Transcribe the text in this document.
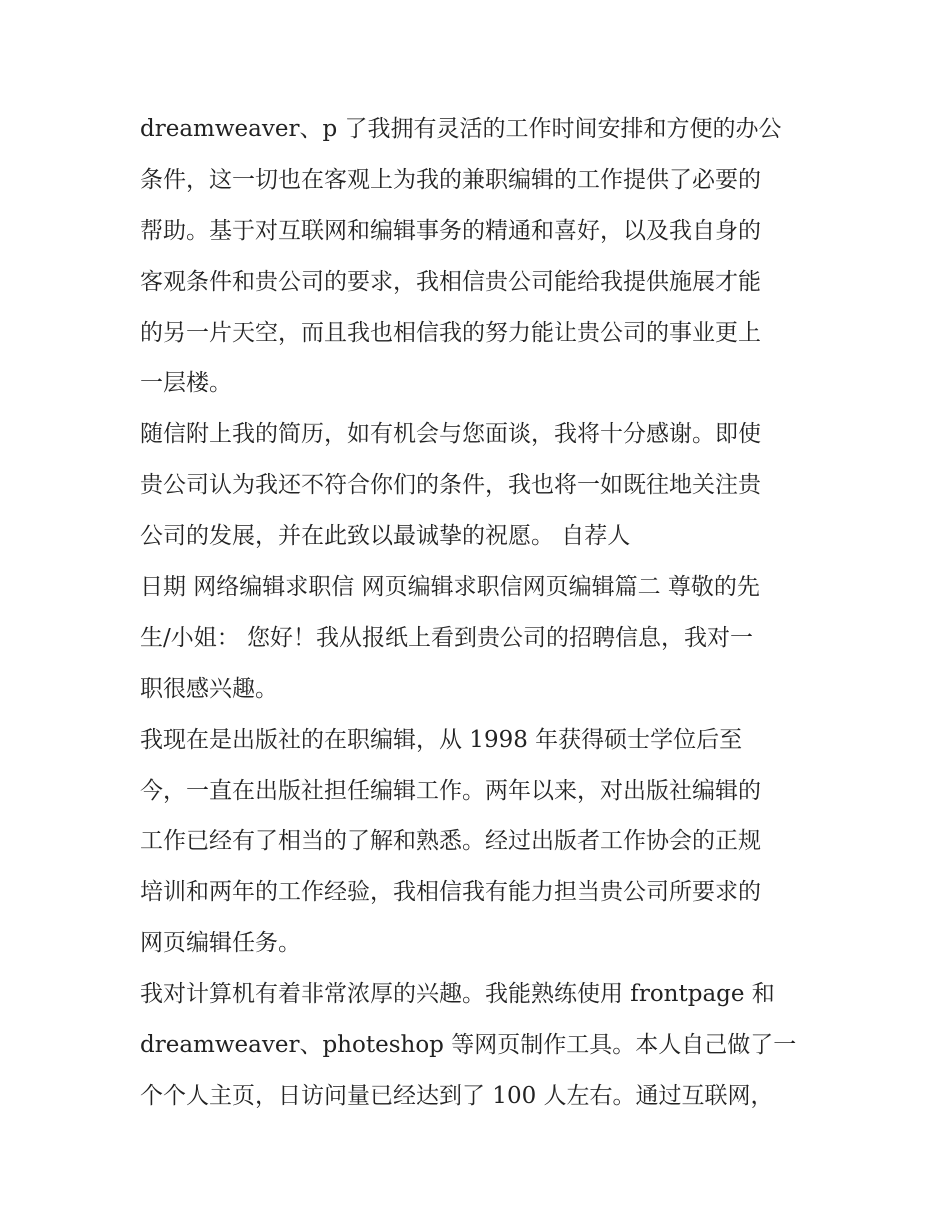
dreamweaver、p 了我拥有灵活的工作时间安排和方便的办公
条件，这一切也在客观上为我的兼职编辑的工作提供了必要的
帮助。基于对互联网和编辑事务的精通和喜好，以及我自身的
客观条件和贵公司的要求，我相信贵公司能给我提供施展才能
的另一片天空，而且我也相信我的努力能让贵公司的事业更上
一层楼。
随信附上我的简历，如有机会与您面谈，我将十分感谢。即使
贵公司认为我还不符合你们的条件，我也将一如既往地关注贵
公司的发展，并在此致以最诚挚的祝愿。 自荐人
日期 网络编辑求职信 网页编辑求职信网页编辑篇二 尊敬的先
生/小姐： 您好！我从报纸上看到贵公司的招聘信息，我对一
职很感兴趣。
我现在是出版社的在职编辑，从 1998 年获得硕士学位后至
今，一直在出版社担任编辑工作。两年以来，对出版社编辑的
工作已经有了相当的了解和熟悉。经过出版者工作协会的正规
培训和两年的工作经验，我相信我有能力担当贵公司所要求的
网页编辑任务。
我对计算机有着非常浓厚的兴趣。我能熟练使用 frontpage 和
dreamweaver、photeshop 等网页制作工具。本人自己做了一
个个人主页，日访问量已经达到了 100 人左右。通过互联网，
